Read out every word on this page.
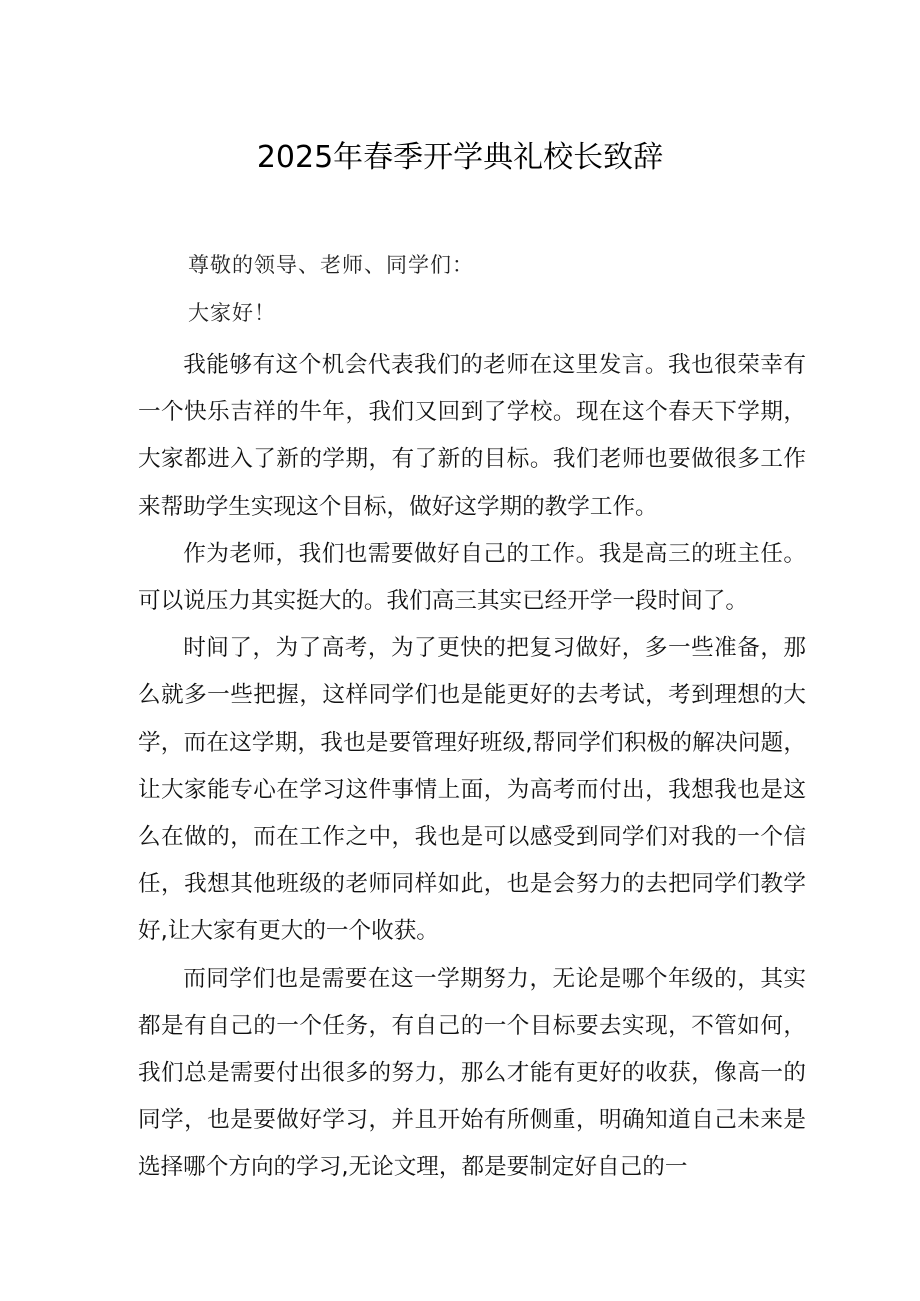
2025年春季开学典礼校长致辞
尊敬的领导、老师、同学们：
大家好！

我能够有这个机会代表我们的老师在这里发言。我也很荣幸有一个快乐吉祥的牛年，我们又回到了学校。现在这个春天下学期，大家都进入了新的学期，有了新的目标。我们老师也要做很多工作来帮助学生实现这个目标，做好这学期的教学工作。

作为老师，我们也需要做好自己的工作。我是高三的班主任。可以说压力其实挺大的。我们高三其实已经开学一段时间了。

时间了，为了高考，为了更快的把复习做好，多一些准备，那么就多一些把握，这样同学们也是能更好的去考试，考到理想的大学，而在这学期，我也是要管理好班级,帮同学们积极的解决问题，让大家能专心在学习这件事情上面，为高考而付出，我想我也是这么在做的，而在工作之中，我也是可以感受到同学们对我的一个信任，我想其他班级的老师同样如此，也是会努力的去把同学们教学好,让大家有更大的一个收获。

而同学们也是需要在这一学期努力，无论是哪个年级的，其实都是有自己的一个任务，有自己的一个目标要去实现，不管如何，我们总是需要付出很多的努力，那么才能有更好的收获，像高一的同学，也是要做好学习，并且开始有所侧重，明确知道自己未来是选择哪个方向的学习,无论文理，都是要制定好自己的一
